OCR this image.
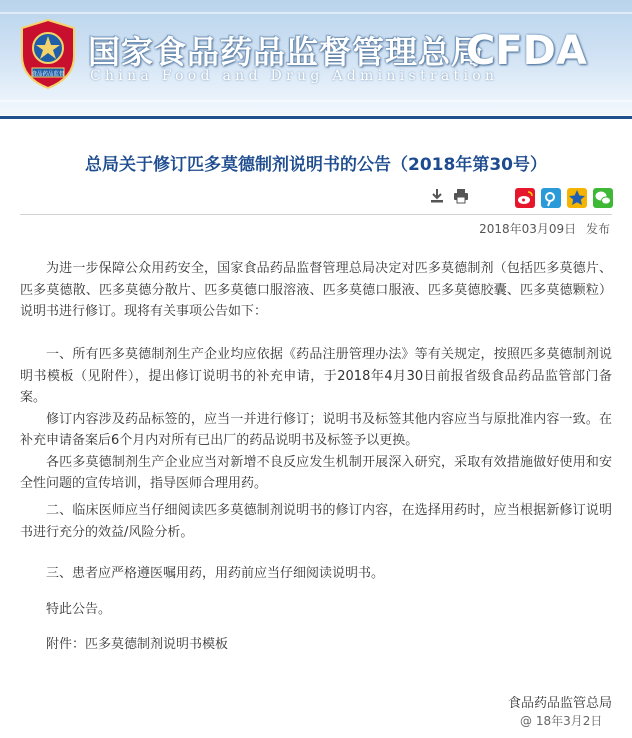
食品药品监督
国家食品药品监督管理总局
China Food and Drug Administration
CFDA
总局关于修订匹多莫德制剂说明书的公告（2018年第30号）
2018年03月09日 发布

为进一步保障公众用药安全，国家食品药品监督管理总局决定对匹多莫德制剂（包括匹多莫德片、匹多莫德散、匹多莫德分散片、匹多莫德口服溶液、匹多莫德口服液、匹多莫德胶囊、匹多莫德颗粒）说明书进行修订。现将有关事项公告如下：

一、所有匹多莫德制剂生产企业均应依据《药品注册管理办法》等有关规定，按照匹多莫德制剂说明书模板（见附件），提出修订说明书的补充申请，于2018年4月30日前报省级食品药品监管部门备案。

修订内容涉及药品标签的，应当一并进行修订；说明书及标签其他内容应当与原批准内容一致。在补充申请备案后6个月内对所有已出厂的药品说明书及标签予以更换。

各匹多莫德制剂生产企业应当对新增不良反应发生机制开展深入研究，采取有效措施做好使用和安全性问题的宣传培训，指导医师合理用药。

二、临床医师应当仔细阅读匹多莫德制剂说明书的修订内容，在选择用药时，应当根据新修订说明书进行充分的效益/风险分析。

三、患者应严格遵医嘱用药，用药前应当仔细阅读说明书。

特此公告。

附件：匹多莫德制剂说明书模板

食品药品监管总局
@ 18年3月2日
